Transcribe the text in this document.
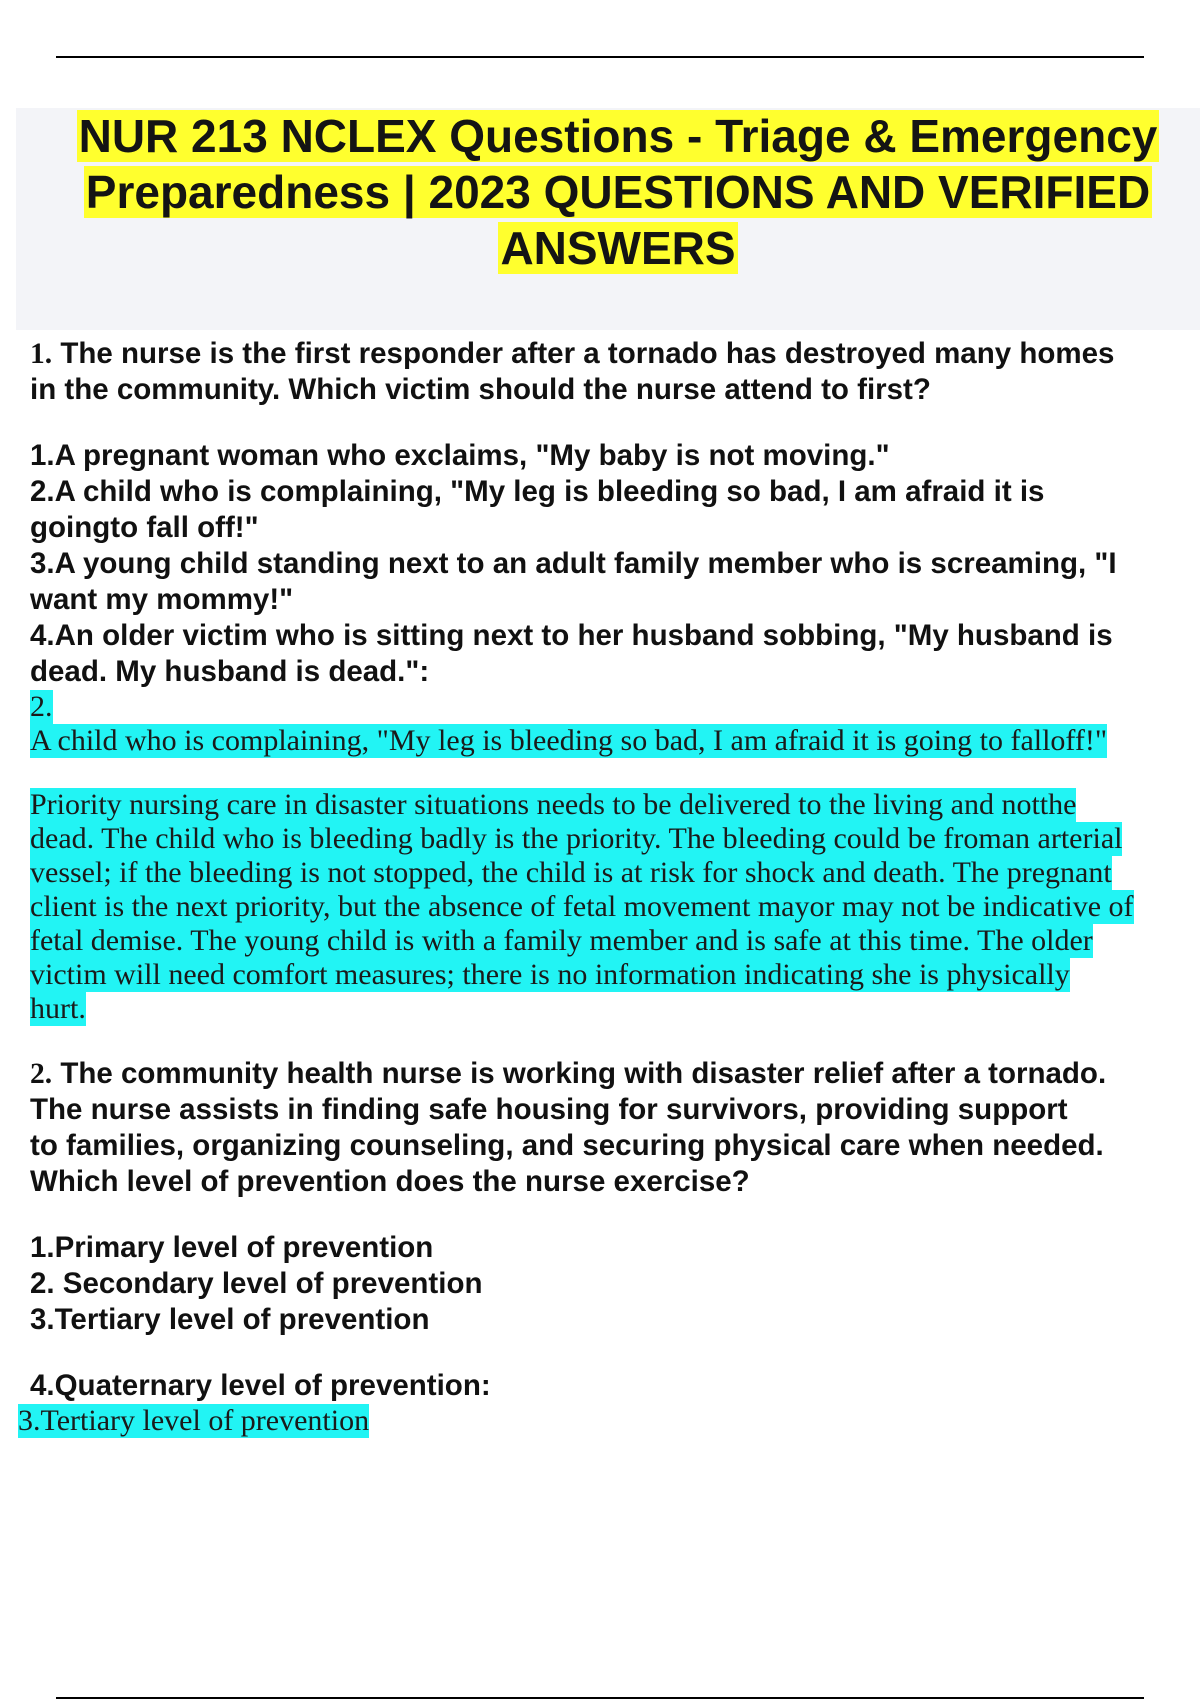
NUR 213 NCLEX Questions - Triage & Emergency
Preparedness | 2023 QUESTIONS AND VERIFIED
ANSWERS

1. The nurse is the first responder after a tornado has destroyed many homes
in the community. Which victim should the nurse attend to first?

1.A pregnant woman who exclaims, "My baby is not moving."

2.A child who is complaining, "My leg is bleeding so bad, I am afraid it is

goingto fall off!"

3.A young child standing next to an adult family member who is screaming, "I

want my mommy!"

4.An older victim who is sitting next to her husband sobbing, "My husband is

dead. My husband is dead.":

2.
A child who is complaining, "My leg is bleeding so bad, I am afraid it is going to falloff!"
Priority nursing care in disaster situations needs to be delivered to the living and notthe
dead. The child who is bleeding badly is the priority. The bleeding could be froman arterial
vessel; if the bleeding is not stopped, the child is at risk for shock and death. The pregnant
client is the next priority, but the absence of fetal movement mayor may not be indicative of
fetal demise. The young child is with a family member and is safe at this time. The older
victim will need comfort measures; there is no information indicating she is physically
hurt.

2. The community health nurse is working with disaster relief after a tornado.
The nurse assists in finding safe housing for survivors, providing support
to families, organizing counseling, and securing physical care when needed.
Which level of prevention does the nurse exercise?

1.Primary level of prevention

2. Secondary level of prevention

3.Tertiary level of prevention

4.Quaternary level of prevention:

3.Tertiary level of prevention
